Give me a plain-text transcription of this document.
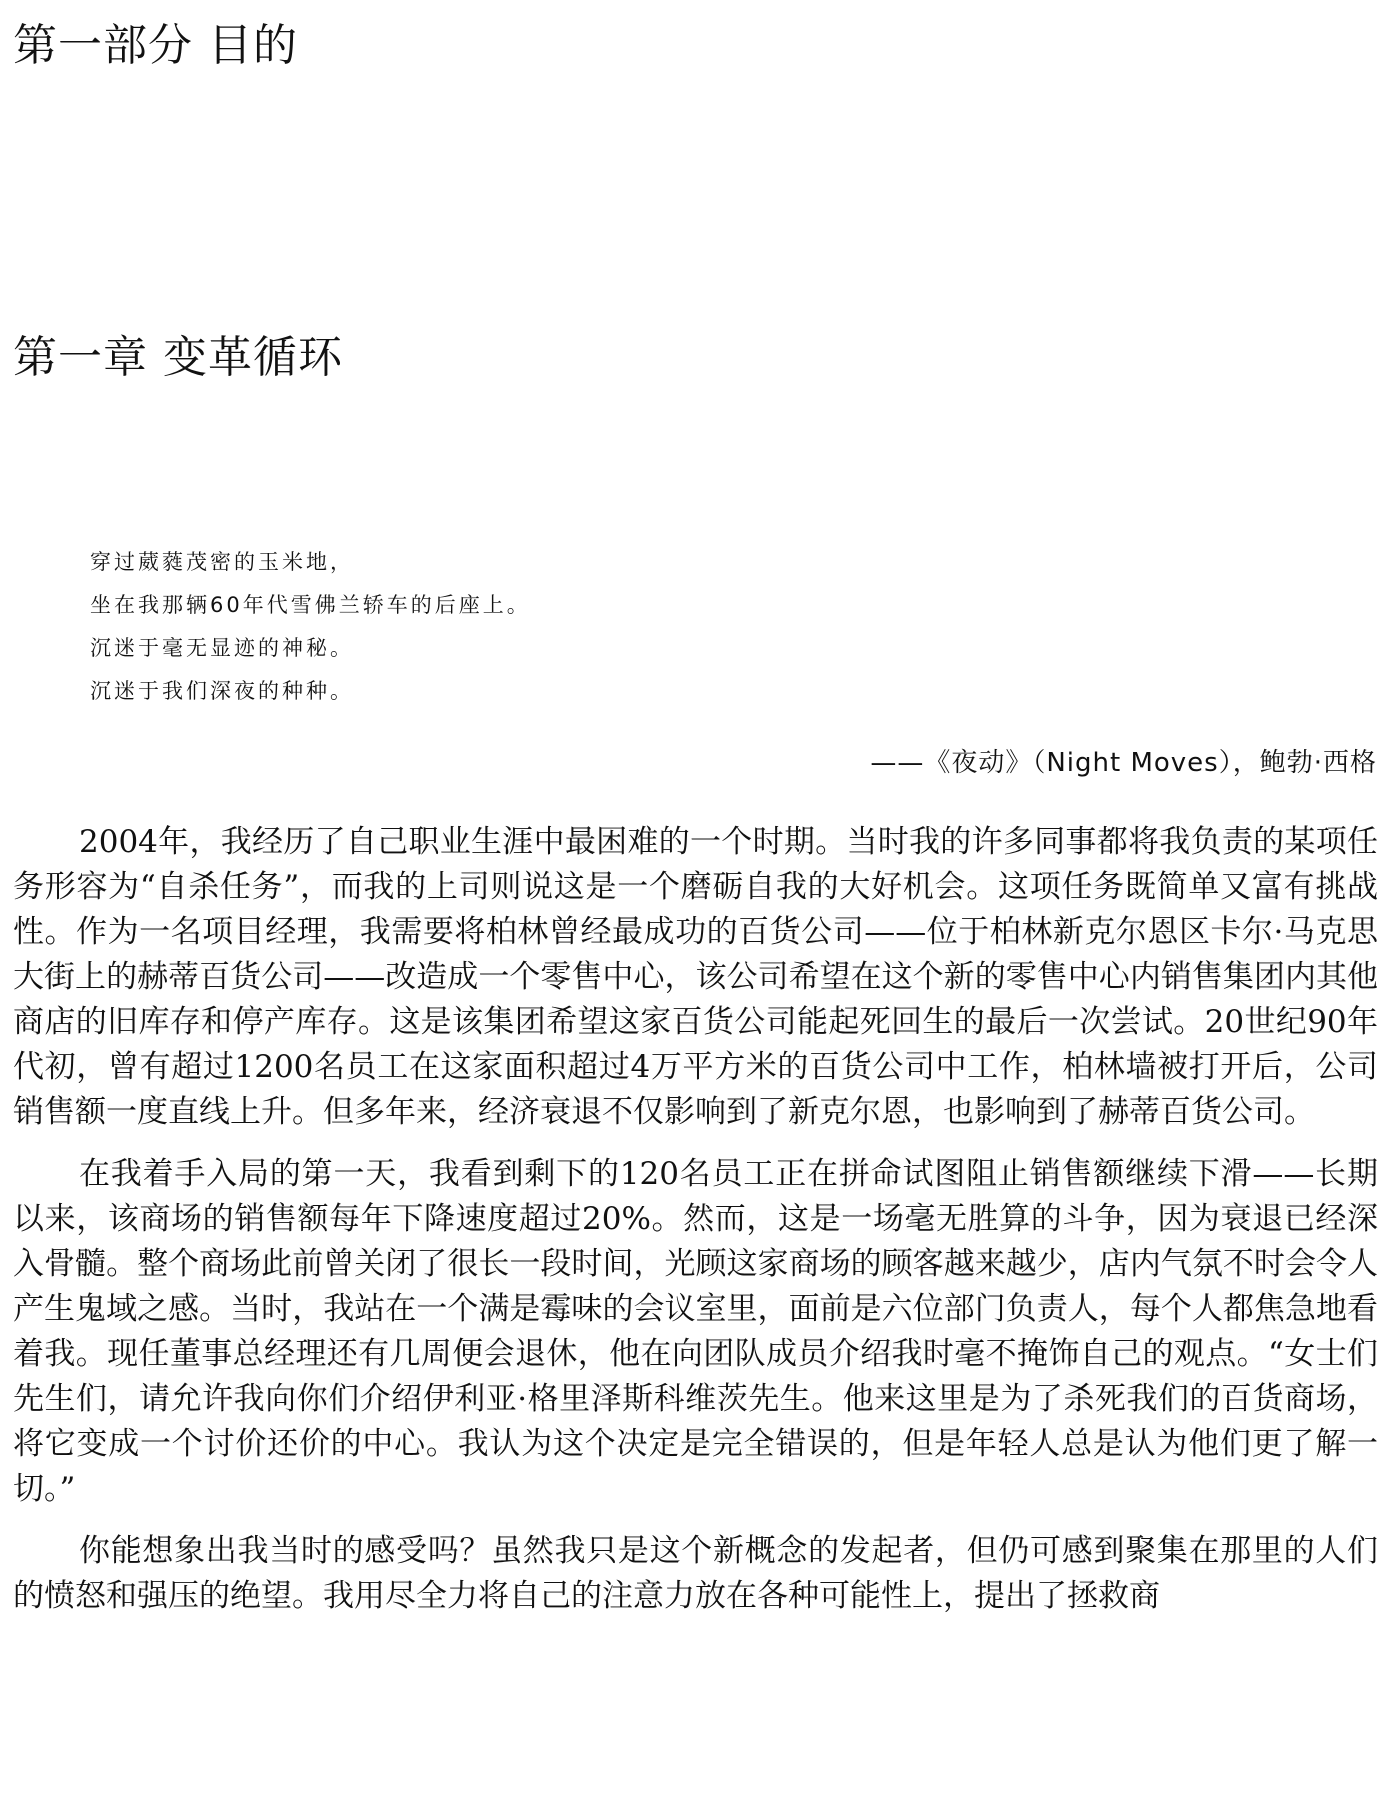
第一部分 目的
第一章 变革循环
穿过葳蕤茂密的玉米地，
坐在我那辆60年代雪佛兰轿车的后座上。
沉迷于毫无显迹的神秘。
沉迷于我们深夜的种种。
——《夜动》（Night Moves），鲍勃·西格

2004年，我经历了自己职业生涯中最困难的一个时期。当时我的许多同事都将我负责的某项任务形容为“自杀任务”，而我的上司则说这是一个磨砺自我的大好机会。这项任务既简单又富有挑战性。作为一名项目经理，我需要将柏林曾经最成功的百货公司——位于柏林新克尔恩区卡尔·马克思大街上的赫蒂百货公司——改造成一个零售中心，该公司希望在这个新的零售中心内销售集团内其他商店的旧库存和停产库存。这是该集团希望这家百货公司能起死回生的最后一次尝试。20世纪90年代初，曾有超过1200名员工在这家面积超过4万平方米的百货公司中工作，柏林墙被打开后，公司销售额一度直线上升。但多年来，经济衰退不仅影响到了新克尔恩，也影响到了赫蒂百货公司。

在我着手入局的第一天，我看到剩下的120名员工正在拼命试图阻止销售额继续下滑——长期以来，该商场的销售额每年下降速度超过20%。然而，这是一场毫无胜算的斗争，因为衰退已经深入骨髓。整个商场此前曾关闭了很长一段时间，光顾这家商场的顾客越来越少，店内气氛不时会令人产生鬼域之感。当时，我站在一个满是霉味的会议室里，面前是六位部门负责人，每个人都焦急地看着我。现任董事总经理还有几周便会退休，他在向团队成员介绍我时毫不掩饰自己的观点。“女士们先生们，请允许我向你们介绍伊利亚·格里泽斯科维茨先生。他来这里是为了杀死我们的百货商场，将它变成一个讨价还价的中心。我认为这个决定是完全错误的，但是年轻人总是认为他们更了解一切。”

你能想象出我当时的感受吗？虽然我只是这个新概念的发起者，但仍可感到聚集在那里的人们的愤怒和强压的绝望。我用尽全力将自己的注意力放在各种可能性上，提出了拯救商
